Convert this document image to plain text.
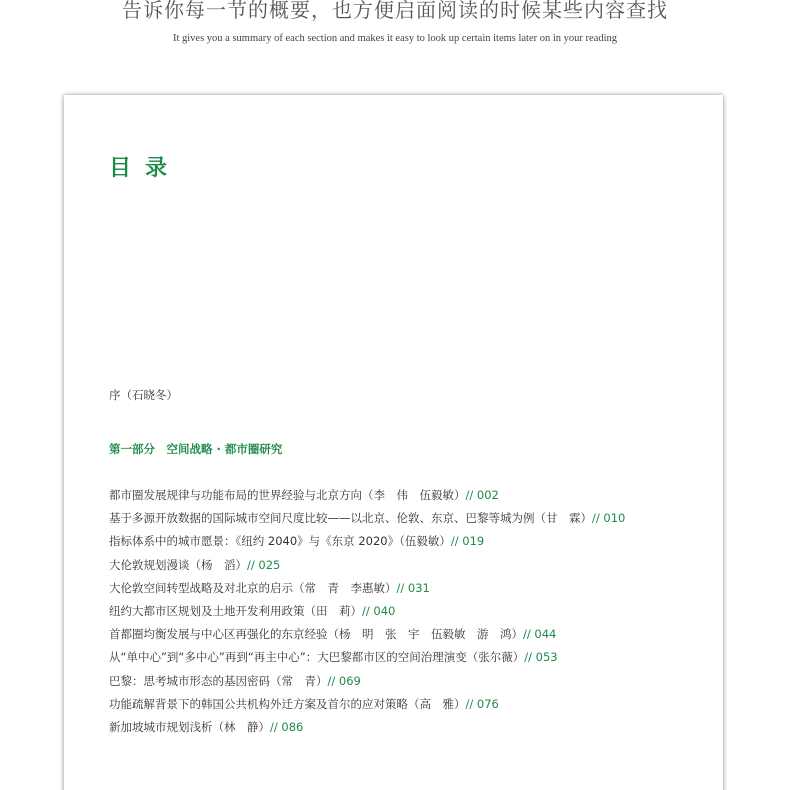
告诉你每一节的概要，也方便启面阅读的时候某些内容查找
It gives you a summary of each section and makes it easy to look up certain items later on in your reading
目录
序（石晓冬）
第一部分　空间战略 · 都市圈研究
都市圈发展规律与功能布局的世界经验与北京方向（李　伟　伍毅敏）// 002
基于多源开放数据的国际城市空间尺度比较——以北京、伦敦、东京、巴黎等城为例（甘　霖）// 010
指标体系中的城市愿景：《纽约 2040》与《东京 2020》（伍毅敏）// 019
大伦敦规划漫谈（杨　滔）// 025
大伦敦空间转型战略及对北京的启示（常　青　李惠敏）// 031
纽约大都市区规划及土地开发利用政策（田　莉）// 040
首都圈均衡发展与中心区再强化的东京经验（杨　明　张　宇　伍毅敏　游　鸿）// 044
从“单中心”到“多中心”再到“再主中心”：大巴黎都市区的空间治理演变（张尔薇）// 053
巴黎：思考城市形态的基因密码（常　青）// 069
功能疏解背景下的韩国公共机构外迁方案及首尔的应对策略（高　雅）// 076
新加坡城市规划浅析（林　静）// 086
